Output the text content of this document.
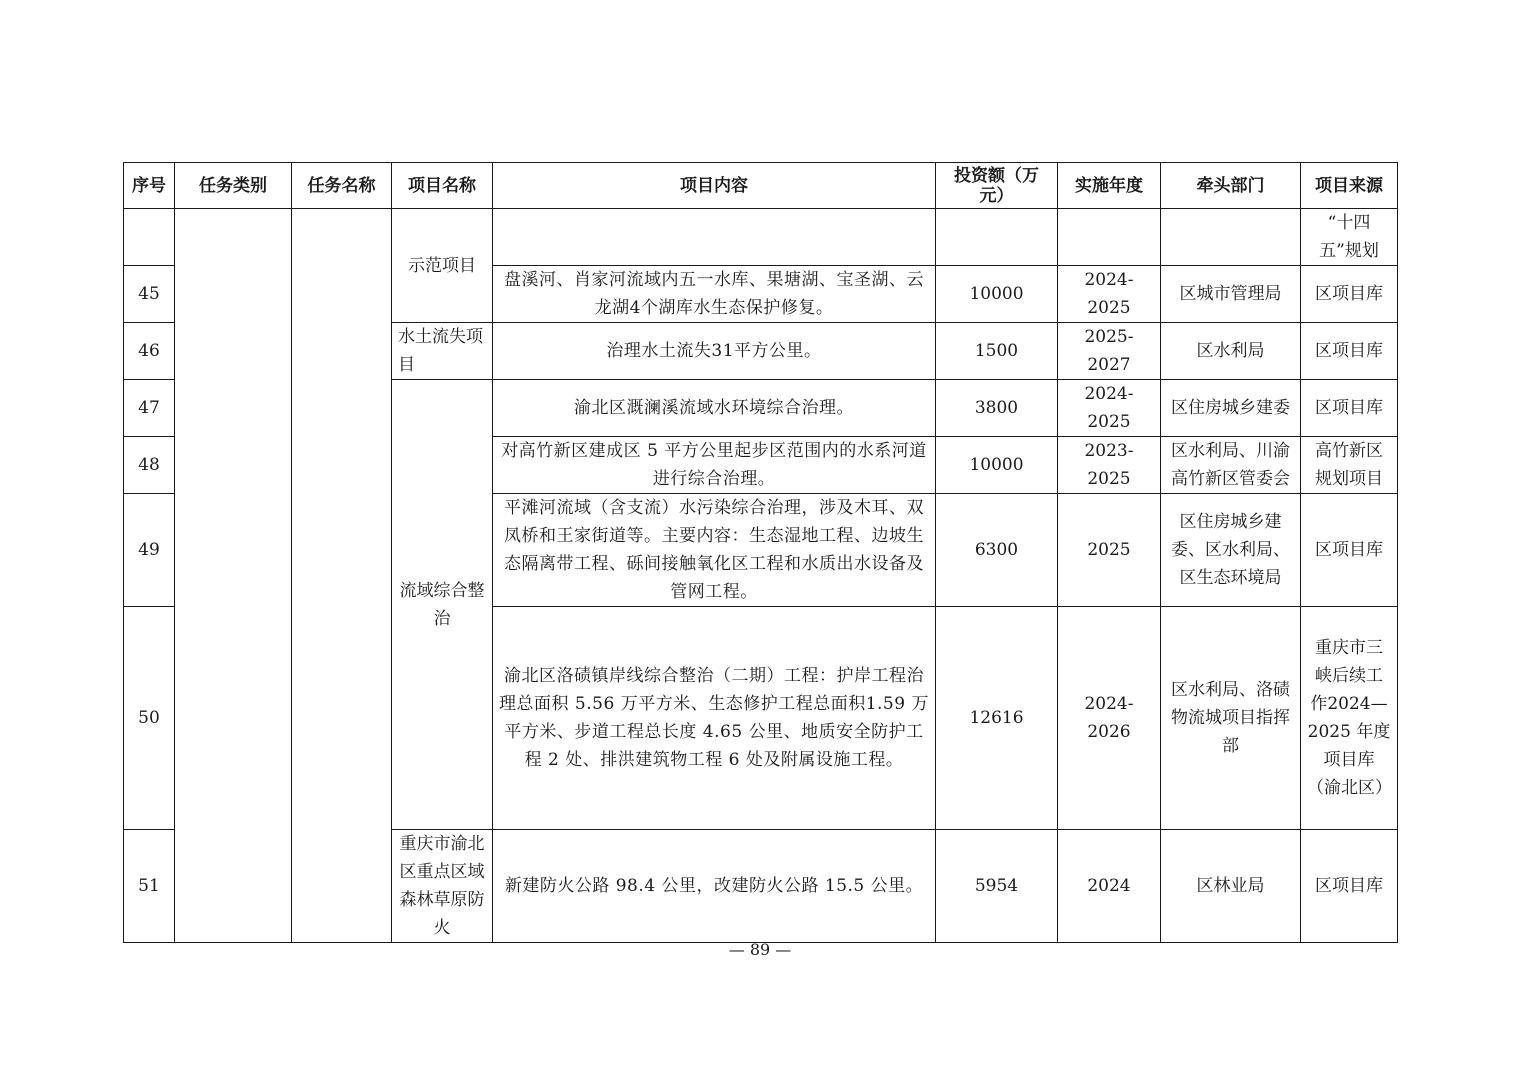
序号	任务类别	任务名称	项目名称	项目内容	投资额（万元）	实施年度	牵头部门	项目来源
			示范项目					“十四五”规划
45				盘溪河、肖家河流域内五一水库、果塘湖、宝圣湖、云龙湖4个湖库水生态保护修复。	10000	2024-2025	区城市管理局	区项目库
46			水土流失项目	治理水土流失31平方公里。	1500	2025-2027	区水利局	区项目库
47			流域综合整治	渝北区溉澜溪流域水环境综合治理。	3800	2024-2025	区住房城乡建委	区项目库
48				对高竹新区建成区 5 平方公里起步区范围内的水系河道进行综合治理。	10000	2023-2025	区水利局、川渝高竹新区管委会	高竹新区规划项目
49				平滩河流域（含支流）水污染综合治理，涉及木耳、双凤桥和王家街道等。主要内容：生态湿地工程、边坡生态隔离带工程、砾间接触氧化区工程和水质出水设备及管网工程。	6300	2025	区住房城乡建委、区水利局、区生态环境局	区项目库
50				渝北区洛碛镇岸线综合整治（二期）工程：护岸工程治理总面积 5.56 万平方米、生态修护工程总面积1.59 万平方米、步道工程总长度 4.65 公里、地质安全防护工程 2 处、排洪建筑物工程 6 处及附属设施工程。	12616	2024-2026	区水利局、洛碛物流城项目指挥部	重庆市三峡后续工作2024—2025 年度项目库（渝北区）
51			重庆市渝北区重点区域森林草原防火	新建防火公路 98.4 公里，改建防火公路 15.5 公里。	5954	2024	区林业局	区项目库
— 89 —
